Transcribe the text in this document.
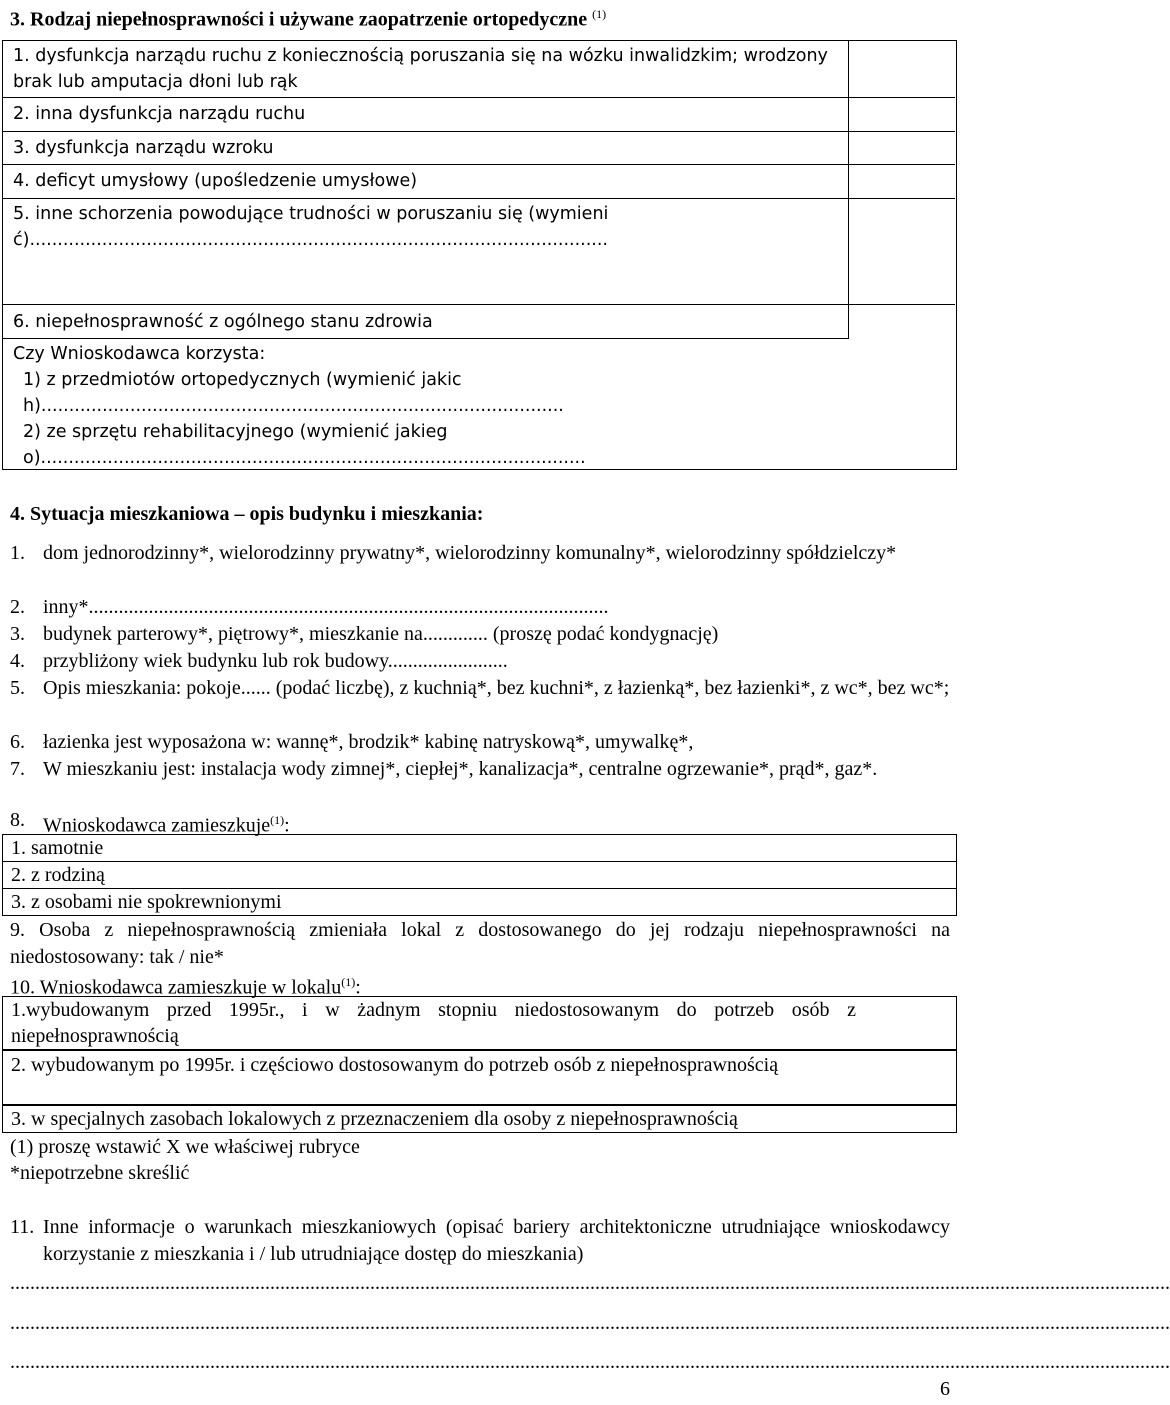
3. Rodzaj niepełnosprawności i używane zaopatrzenie ortopedyczne $^{(1)}$
1. dysfunkcja narządu ruchu z koniecznością poruszania się na wózku inwalidzkim; wrodzony brak lub amputacja dłoni lub rąk
2. inna dysfunkcja narządu ruchu
3. dysfunkcja narządu wzroku
4. deficyt umysłowy (upośledzenie umysłowe)
5. inne schorzenia powodujące trudności w poruszaniu się (wymienić)........................................................................................................
6. niepełnosprawność z ogólnego stanu zdrowia
Czy Wnioskodawca korzysta:
1) z przedmiotów ortopedycznych (wymienić jakich)..............................................................................................
2) ze sprzętu rehabilitacyjnego (wymienić jakiego)..................................................................................................
4. Sytuacja mieszkaniowa – opis budynku i mieszkania:
1. dom jednorodzinny*, wielorodzinny prywatny*, wielorodzinny komunalny*, wielorodzinny spółdzielczy*
2. inny*........................................................................................................
3. budynek parterowy*, piętrowy*, mieszkanie na............. (proszę podać kondygnację)
4. przybliżony wiek budynku lub rok budowy........................
5. Opis mieszkania: pokoje...... (podać liczbę), z kuchnią*, bez kuchni*, z łazienką*, bez łazienki*, z wc*, bez wc*;
6. łazienka jest wyposażona w: wannę*, brodzik* kabinę natryskową*, umywalkę*,
7. W mieszkaniu jest: instalacja wody zimnej*, ciepłej*, kanalizacja*, centralne ogrzewanie*, prąd*, gaz*.
8. Wnioskodawca zamieszkuje$^{(1)}$:
1. samotnie
2. z rodziną
3. z osobami nie spokrewnionymi
9. Osoba z niepełnosprawnością zmieniała lokal z dostosowanego do jej rodzaju niepełnosprawności na niedostosowany: tak / nie*
10. Wnioskodawca zamieszkuje w lokalu$^{(1)}$:
1.wybudowanym przed 1995r., i w żadnym stopniu niedostosowanym do potrzeb osób z niepełnosprawnością
2. wybudowanym po 1995r. i częściowo dostosowanym do potrzeb osób z niepełnosprawnością
3. w specjalnych zasobach lokalowych z przeznaczeniem dla osoby z niepełnosprawnością
(1) proszę wstawić X we właściwej rubryce
*niepotrzebne skreślić
11. Inne informacje o warunkach mieszkaniowych (opisać bariery architektoniczne utrudniające wnioskodawcy korzystanie z mieszkania i / lub utrudniające dostęp do mieszkania)
........................................................................................................................................................................................................................................
........................................................................................................................................................................................................................................
........................................................................................................................................................................................................................................
6
